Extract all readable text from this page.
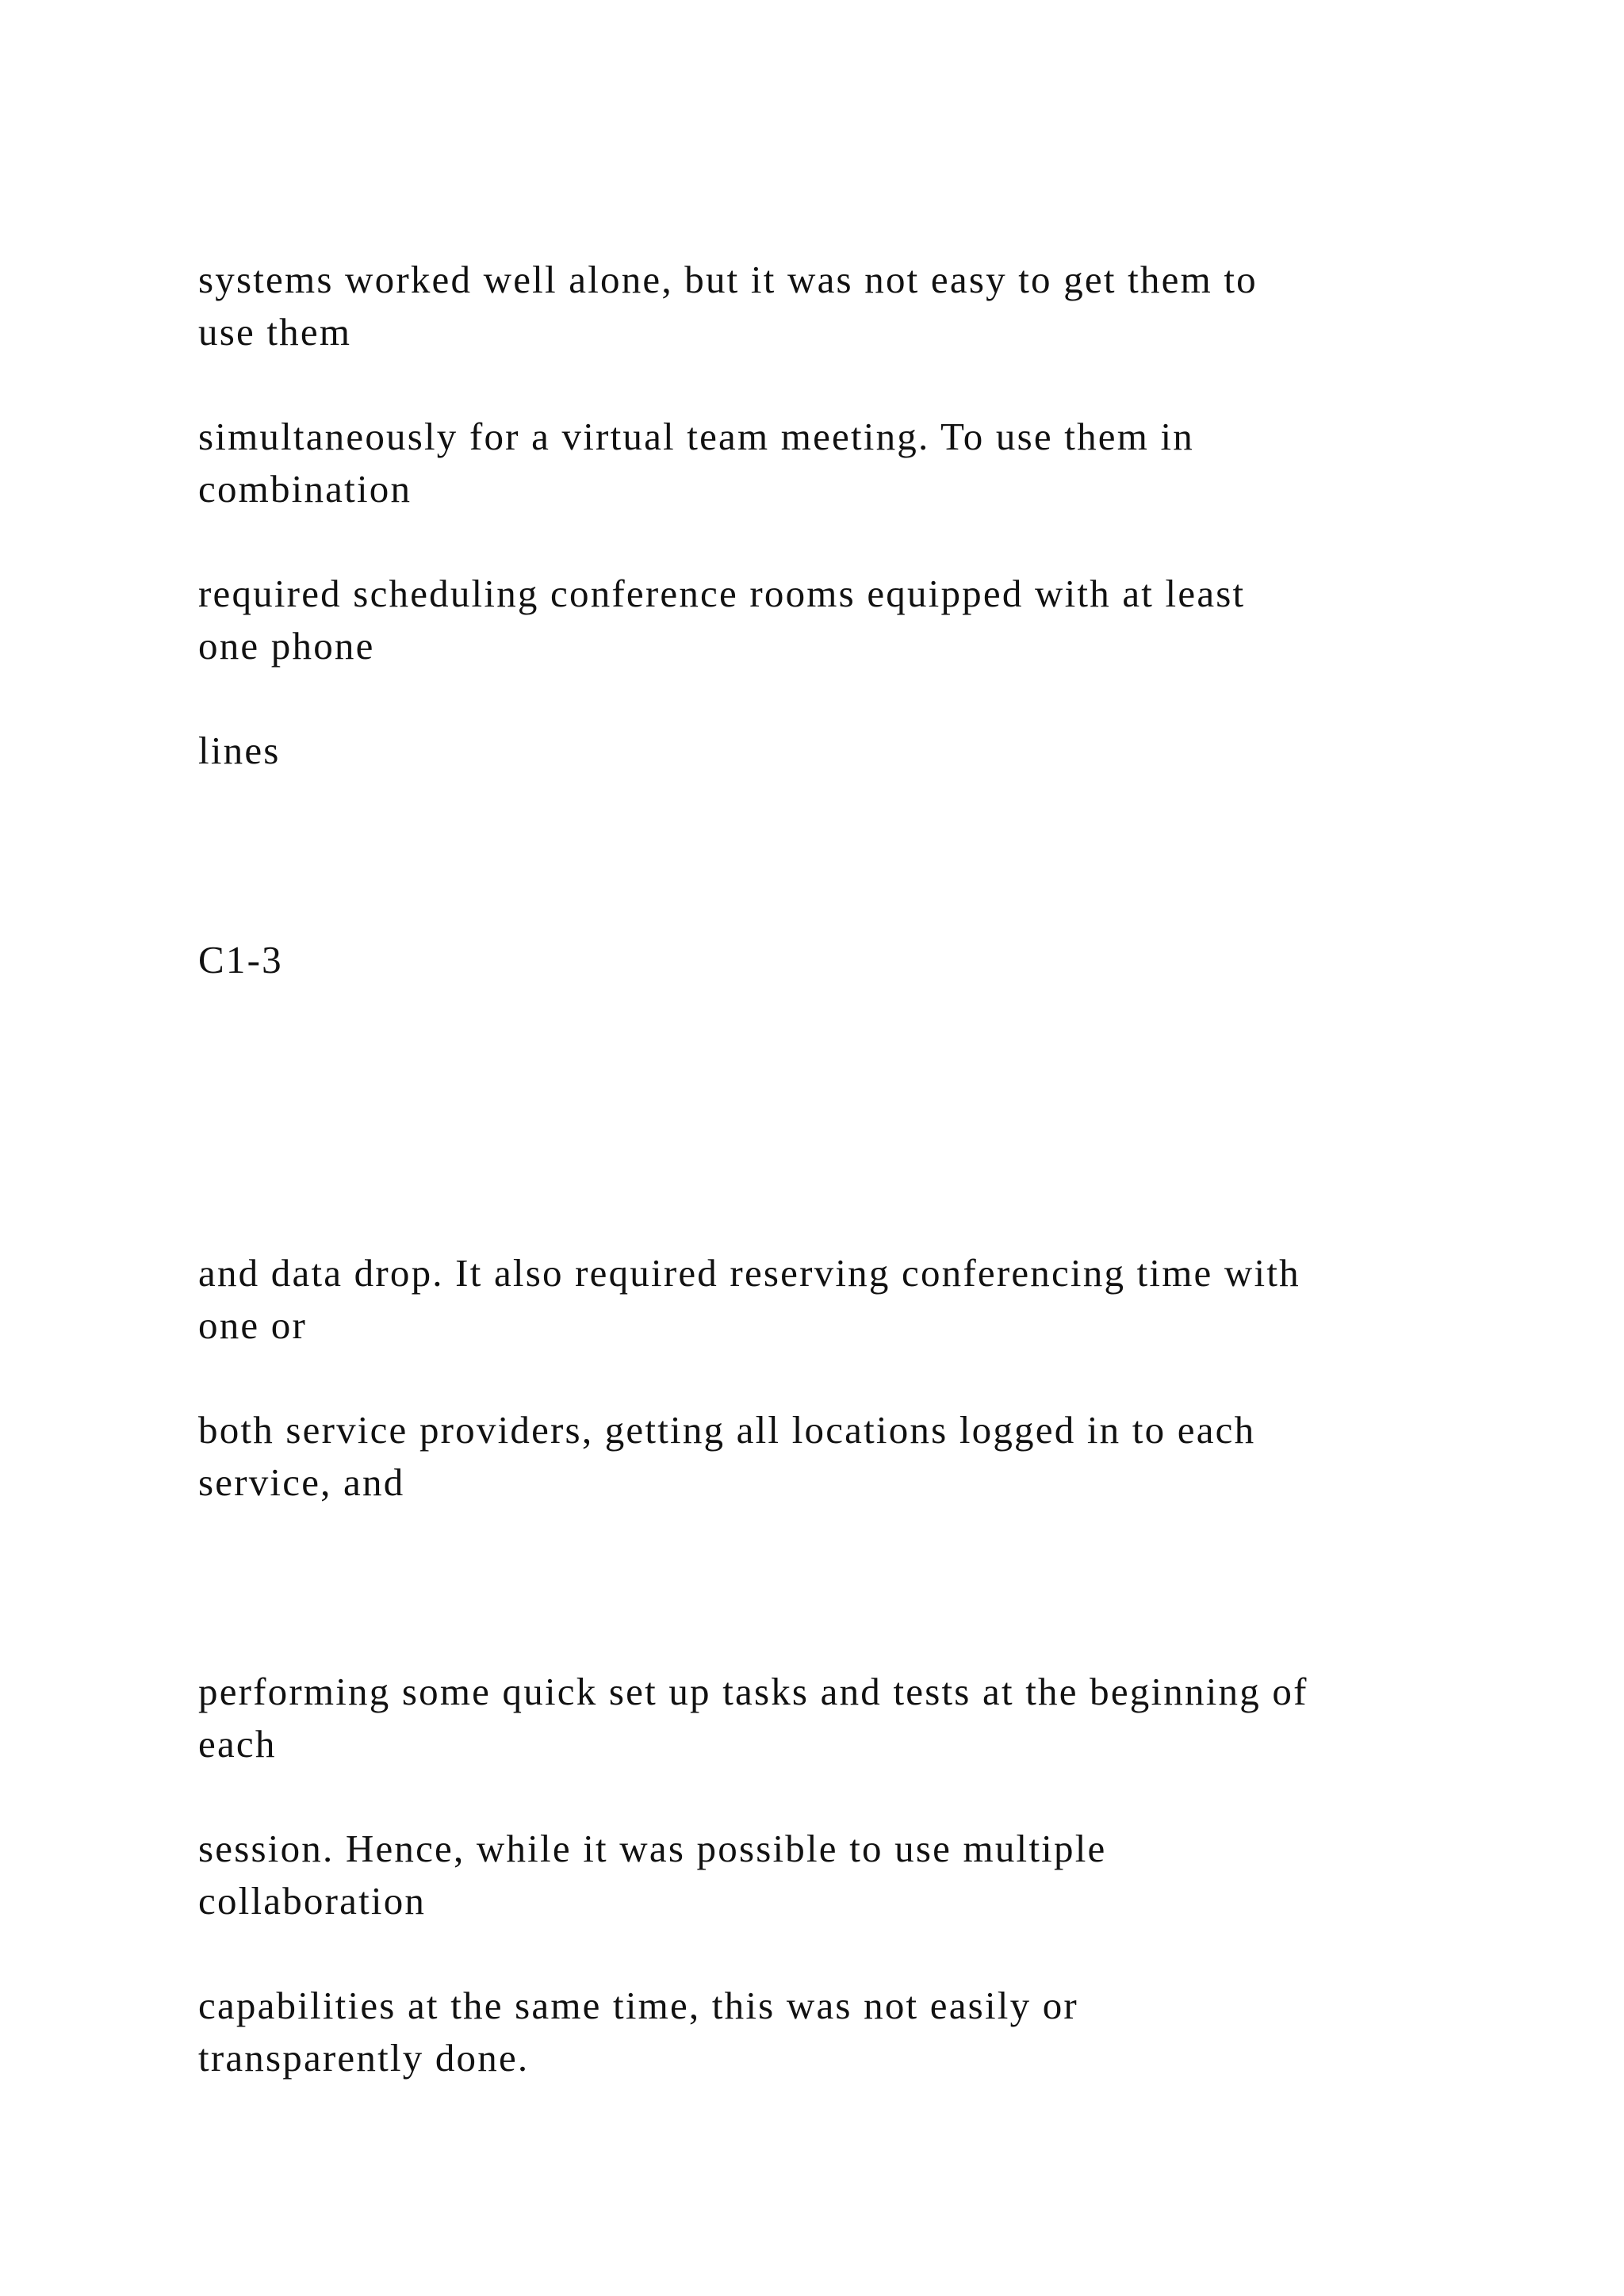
systems worked well alone, but it was not easy to get them to
use them

simultaneously for a virtual team meeting. To use them in
combination

required scheduling conference rooms equipped with at least
one phone

lines

C1-3

and data drop. It also required reserving conferencing time with
one or

both service providers, getting all locations logged in to each
service, and

performing some quick set up tasks and tests at the beginning of
each

session. Hence, while it was possible to use multiple
collaboration

capabilities at the same time, this was not easily or
transparently done.
